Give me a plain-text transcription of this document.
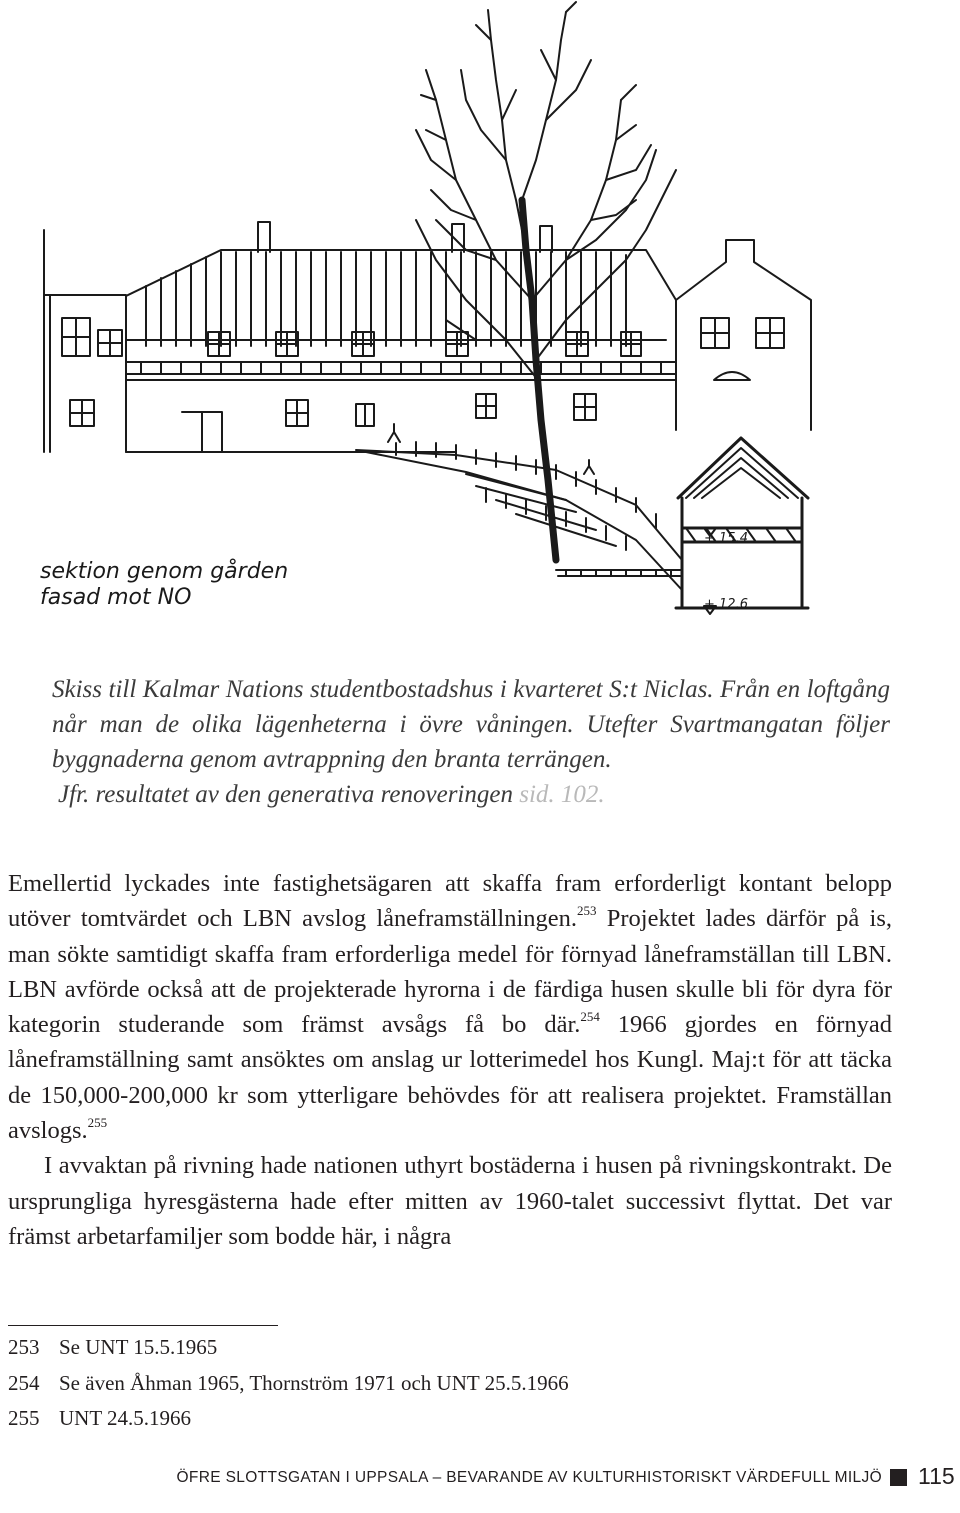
sektion genom gården
fasad mot NO
+ 15.4
+ 12.6

Skiss till Kalmar Nations studentbostadshus i kvarteret S:t Niclas. Från en loftgång når man de olika lägenheterna i övre våningen. Utefter Svartmangatan följer byggnaderna genom avtrappning den branta terrängen.

Jfr. resultatet av den generativa renoveringen sid. 102.

Emellertid lyckades inte fastighetsägaren att skaffa fram erforderligt kontant belopp utöver tomtvärdet och LBN avslog låneframställningen.$^{253}$ Projektet lades därför på is, man sökte samtidigt skaffa fram erforderliga medel för förnyad låneframställan till LBN. LBN avförde också att de projekterade hyrorna i de färdiga husen skulle bli för dyra för kategorin studerande som främst avsågs få bo där.$^{254}$ 1966 gjordes en förnyad låneframställning samt ansöktes om anslag ur lotterimedel hos Kungl. Maj:t för att täcka de 150,000-200,000 kr som ytterligare behövdes för att realisera projektet. Framställan avslogs.$^{255}$

I avvaktan på rivning hade nationen uthyrt bostäderna i husen på rivningskontrakt. De ursprungliga hyresgästerna hade efter mitten av 1960-talet successivt flyttat. Det var främst arbetarfamiljer som bodde här, i några

253 Se UNT 15.5.1965
254 Se även Åhman 1965, Thornström 1971 och UNT 25.5.1966
255 UNT 24.5.1966
ÖFRE SLOTTSGATAN I UPPSALA – BEVARANDE AV KULTURHISTORISKT VÄRDEFULL MILJÖ 115
